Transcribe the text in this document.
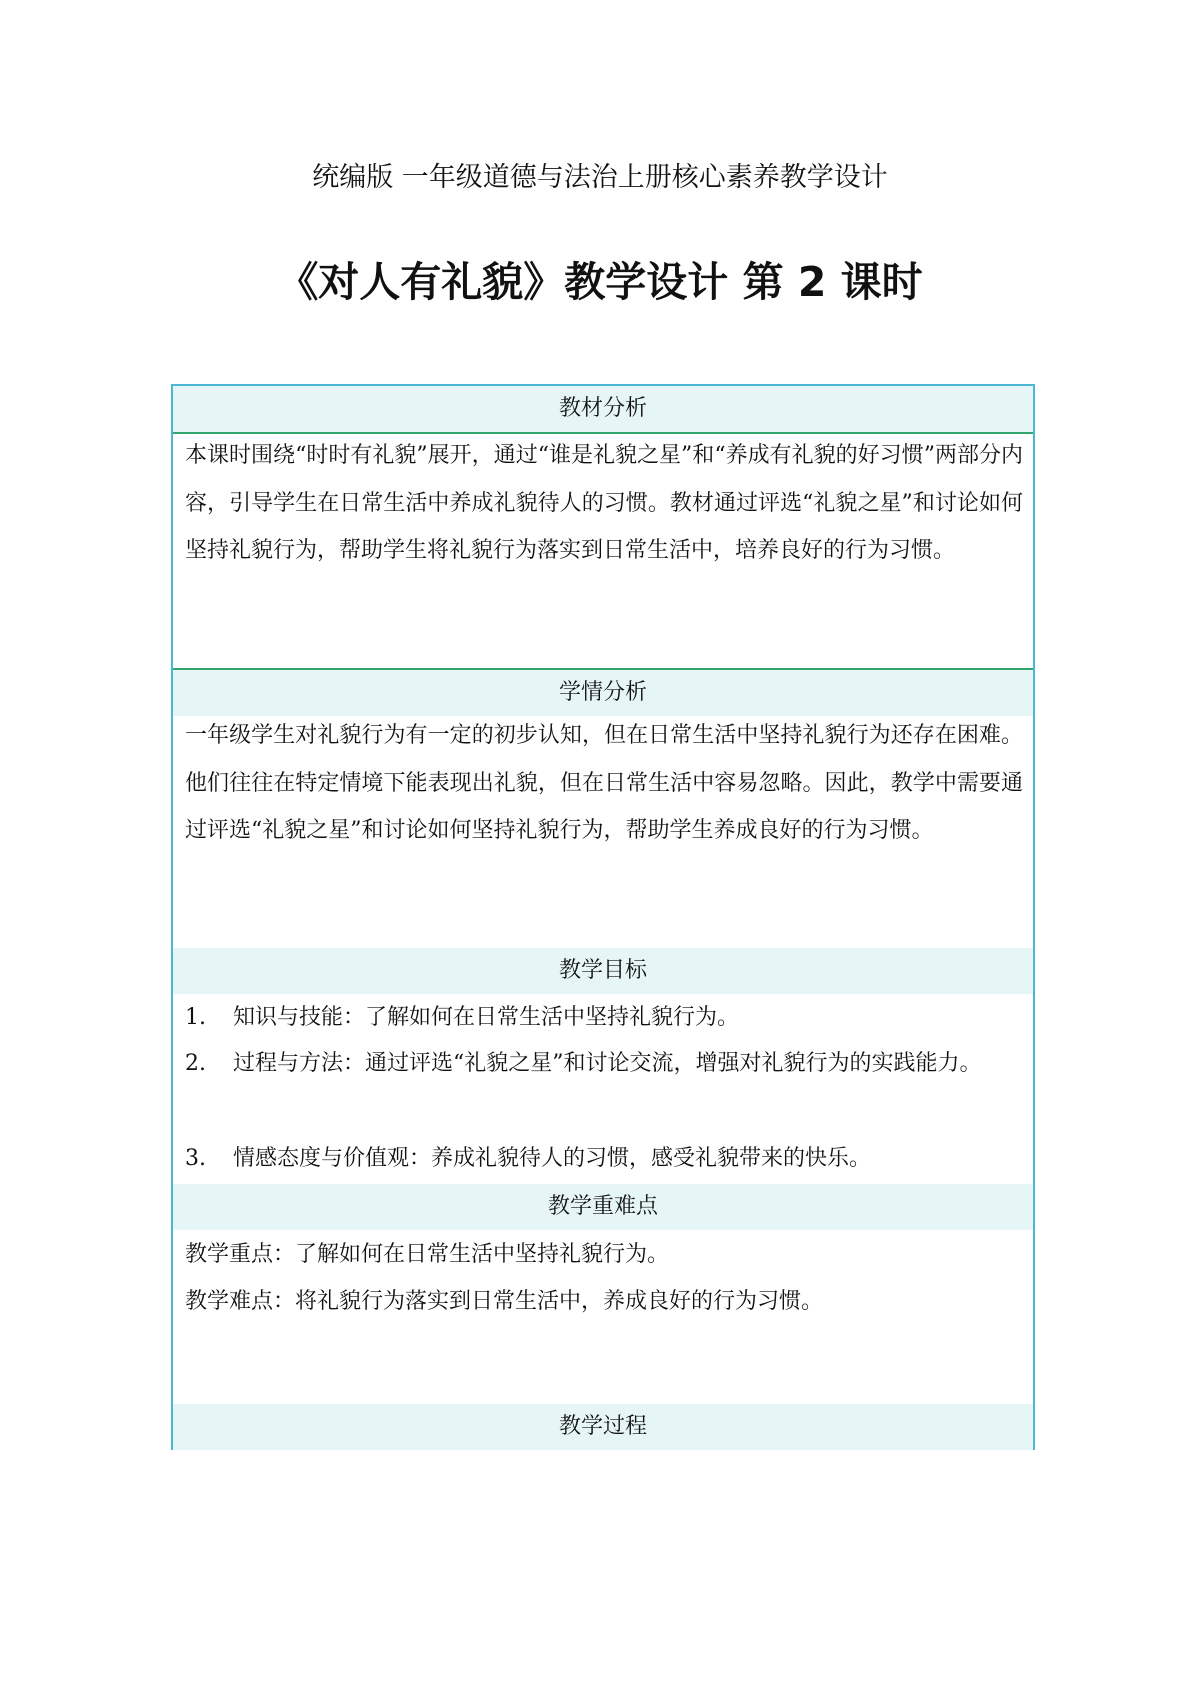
统编版 一年级道德与法治上册核心素养教学设计
《对人有礼貌》教学设计 第 2 课时
教材分析
本课时围绕“时时有礼貌”展开，通过“谁是礼貌之星”和“养成有礼貌的好习惯”两部分内容，引导学生在日常生活中养成礼貌待人的习惯。教材通过评选“礼貌之星”和讨论如何坚持礼貌行为，帮助学生将礼貌行为落实到日常生活中，培养良好的行为习惯。
学情分析
一年级学生对礼貌行为有一定的初步认知，但在日常生活中坚持礼貌行为还存在困难。他们往往在特定情境下能表现出礼貌，但在日常生活中容易忽略。因此，教学中需要通过评选“礼貌之星”和讨论如何坚持礼貌行为，帮助学生养成良好的行为习惯。
教学目标
1. 知识与技能：了解如何在日常生活中坚持礼貌行为。
2. 过程与方法：通过评选“礼貌之星”和讨论交流，增强对礼貌行为的实践能力。
3. 情感态度与价值观：养成礼貌待人的习惯，感受礼貌带来的快乐。
教学重难点
教学重点：了解如何在日常生活中坚持礼貌行为。
教学难点：将礼貌行为落实到日常生活中，养成良好的行为习惯。
教学过程
